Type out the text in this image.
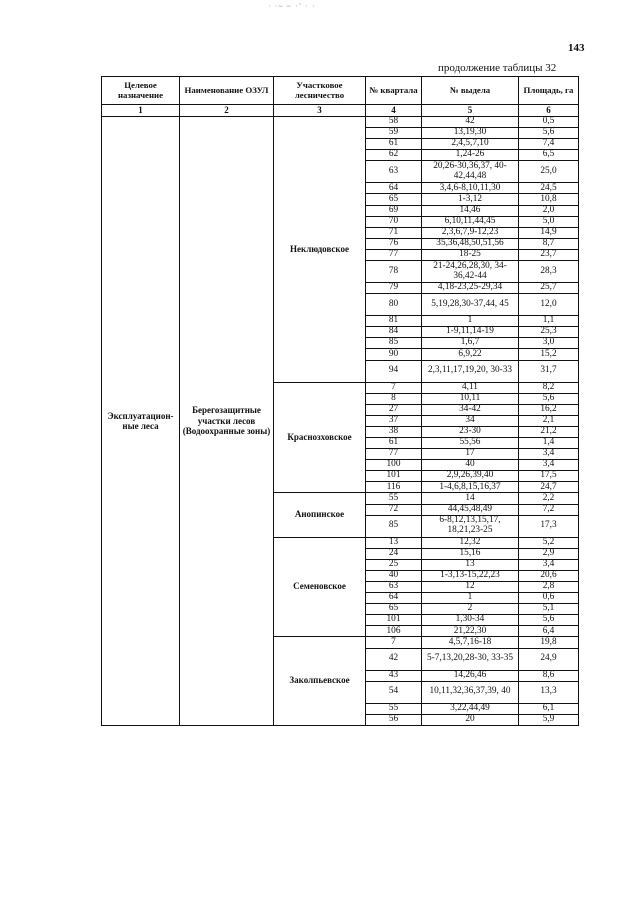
· ·~ ~ ·˜ · ·
143
продолжение таблицы 32
Целевое назначение	Наименование ОЗУЛ	Участковое лесничество	№ квартала	№ выдела	Площадь, га
1	2	3	4	5	6
Эксплуатацион-ные леса	Берегозащитные участки лесов (Водоохранные зоны)	Неклюдовское	58	42	0,5
			59	13,19,30	5,6
			61	2,4,5,7,10	7,4
			62	1,24-26	6,5
			63	20,26-30,36,37, 40-42,44,48	25,0
			64	3,4,6-8,10,11,30	24,5
			65	1-3,12	10,8
			69	14,46	2,0
			70	6,10,11,44,45	5,0
			71	2,3,6,7,9-12,23	14,9
			76	35,36,48,50,51,56	8,7
			77	18-25	23,7
			78	21-24,26,28,30, 34-36,42-44	28,3
			79	4,18-23,25-29,34	25,7
			80	5,19,28,30-37,44, 45	12,0
			81	1	1,1
			84	1-9,11,14-19	25,3
			85	1,6,7	3,0
			90	6,9,22	15,2
			94	2,3,11,17,19,20, 30-33	31,7
		Краснозховское	7	4,11	8,2
			8	10,11	5,6
			27	34-42	16,2
			37	34	2,1
			38	23-30	21,2
			61	55,56	1,4
			77	17	3,4
			100	40	3,4
			101	2,9,26,39,40	17,5
			116	1-4,6,8,15,16,37	24,7
		Анопинское	55	14	2,2
			72	44,45,48,49	7,2
			85	6-8,12,13,15,17, 18,21,23-25	17,3
		Семеновское	13	12,32	5,2
			24	15,16	2,9
			25	13	3,4
			40	1-3,13-15,22,23	20,6
			63	12	2,8
			64	1	0,6
			65	2	5,1
			101	1,30-34	5,6
			106	21,22,30	6,4
		Заколпьевское	7	4,5,7,16-18	19,8
			42	5-7,13,20,28-30, 33-35	24,9
			43	14,26,46	8,6
			54	10,11,32,36,37,39, 40	13,3
			55	3,22,44,49	6,1
			56	20	5,9
